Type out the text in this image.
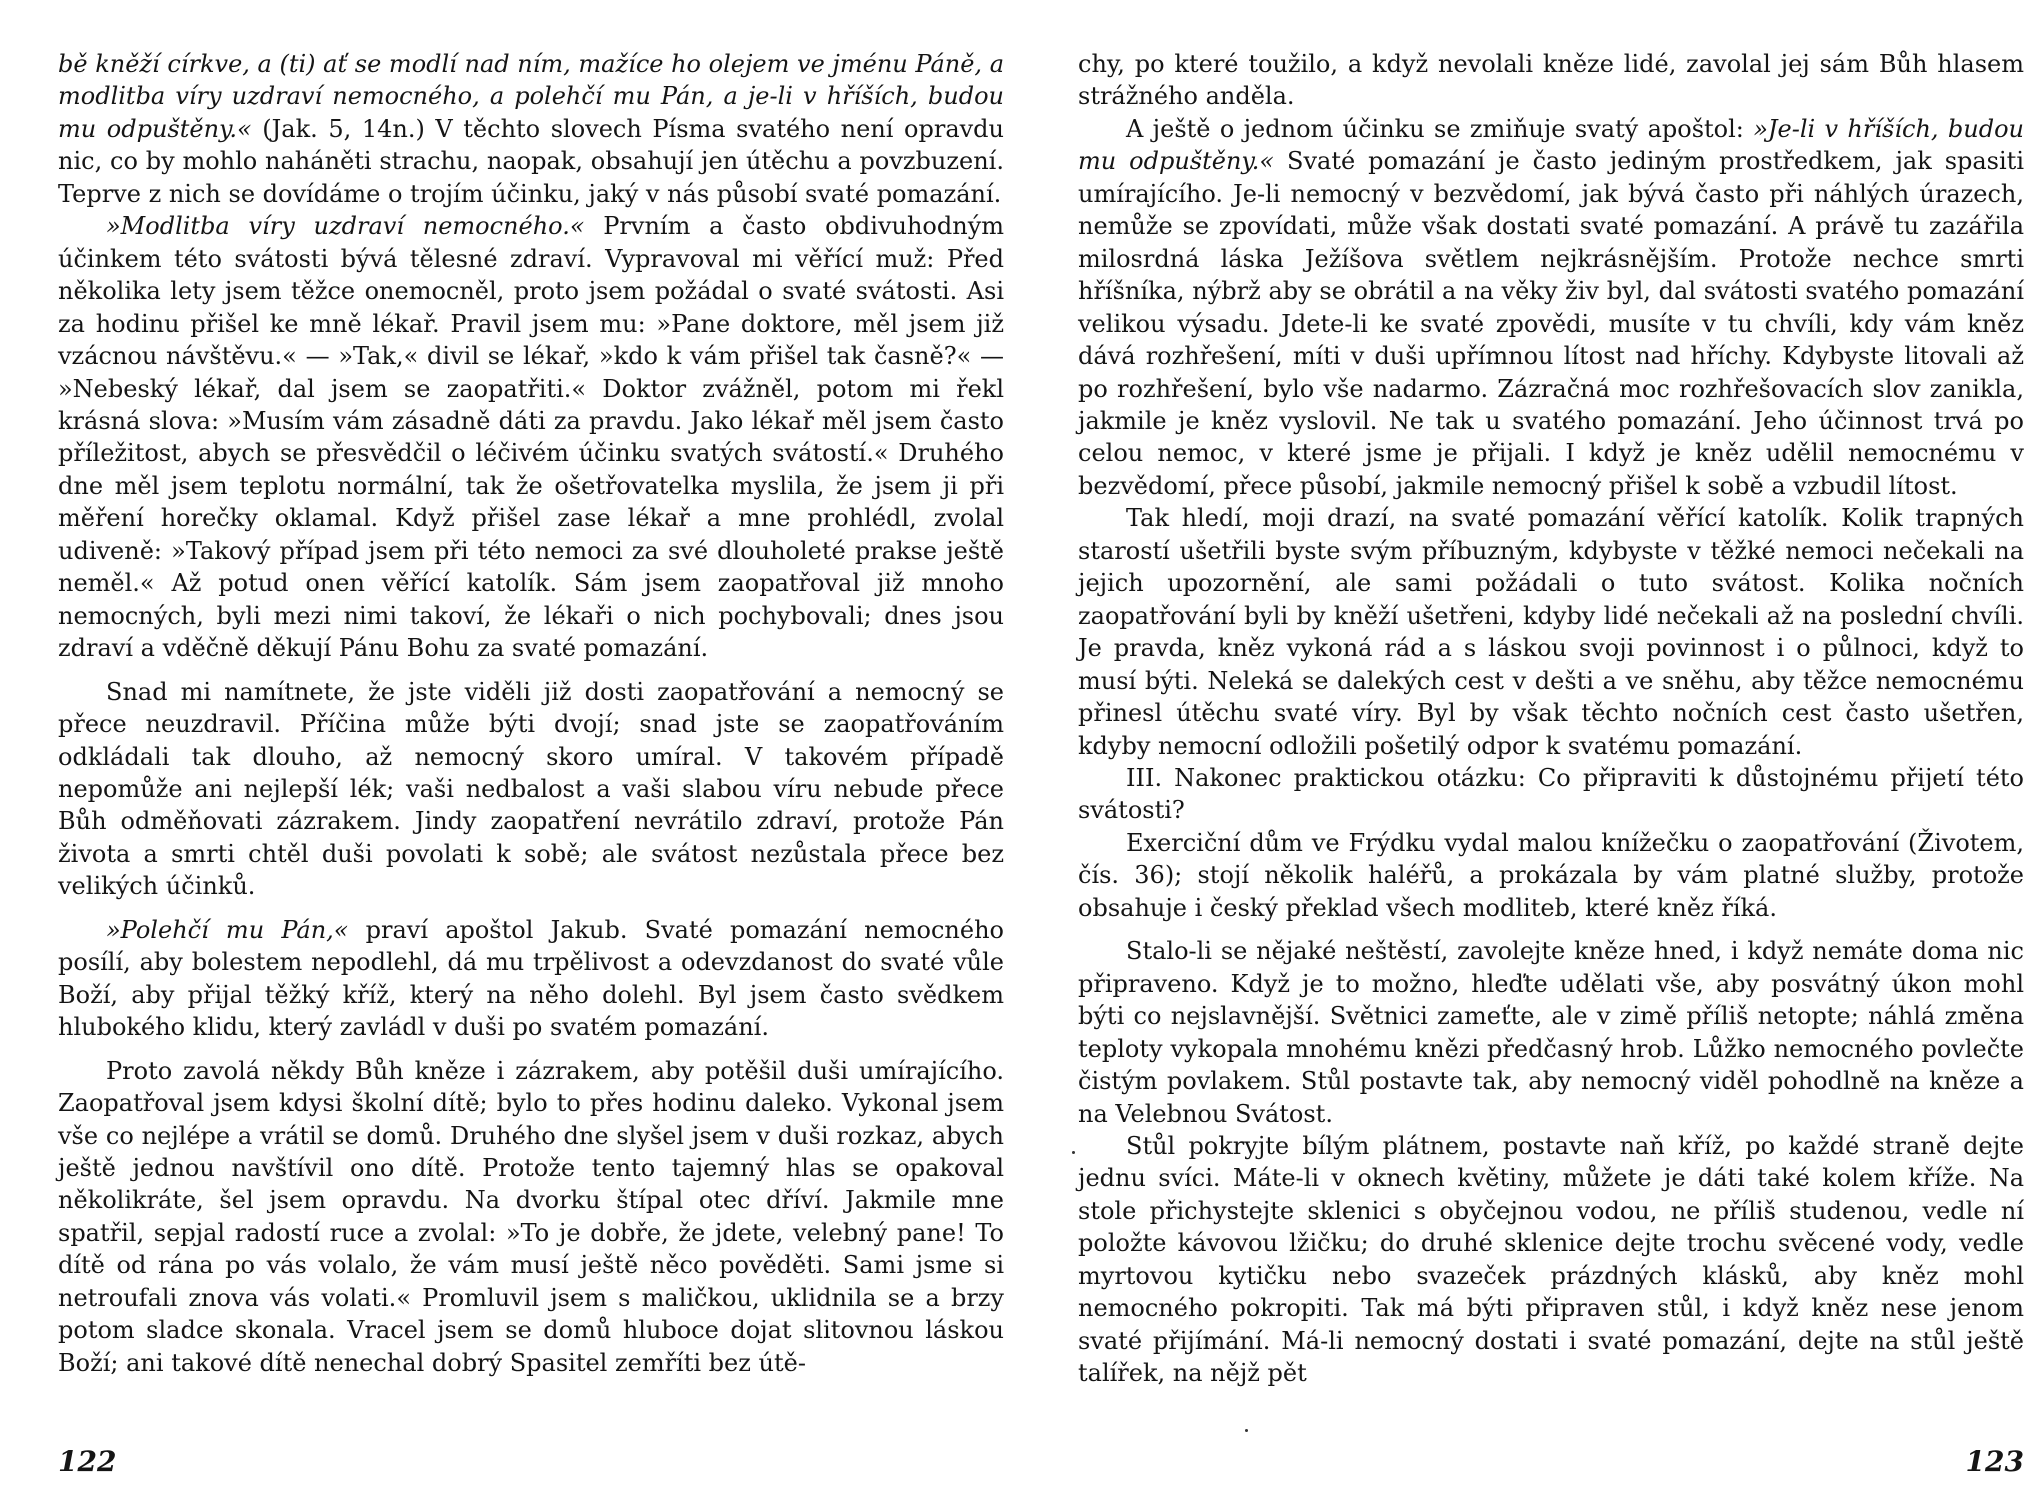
bě kněží církve, a (ti) ať se modlí nad ním, mažíce ho olejem ve jménu Páně, a modlitba víry uzdraví nemocného, a polehčí mu Pán, a je-li v hříších, budou mu odpuštěny.« (Jak. 5, 14n.) V těchto slovech Písma svatého není opravdu nic, co by mohlo naháněti strachu, naopak, obsahují jen útěchu a povzbuzení. Teprve z nich se dovídáme o trojím účinku, jaký v nás působí svaté pomazání.

»Modlitba víry uzdraví nemocného.« Prvním a často obdivuhodným účinkem této svátosti bývá tělesné zdraví. Vypravoval mi věřící muž: Před několika lety jsem těžce onemocněl, proto jsem požádal o svaté svátosti. Asi za hodinu přišel ke mně lékař. Pravil jsem mu: »Pane doktore, měl jsem již vzácnou návštěvu.« — »Tak,« divil se lékař, »kdo k vám přišel tak časně?« — »Nebeský lékař, dal jsem se zaopatřiti.« Doktor zvážněl, potom mi řekl krásná slova: »Musím vám zásadně dáti za pravdu. Jako lékař měl jsem často příležitost, abych se přesvědčil o léčivém účinku svatých svátostí.« Druhého dne měl jsem teplotu normální, tak že ošetřovatelka myslila, že jsem ji při měření horečky oklamal. Když přišel zase lékař a mne prohlédl, zvolal udiveně: »Takový případ jsem při této nemoci za své dlouholeté prakse ještě neměl.« Až potud onen věřící katolík. Sám jsem zaopatřoval již mnoho nemocných, byli mezi nimi takoví, že lékaři o nich pochybovali; dnes jsou zdraví a vděčně děkují Pánu Bohu za svaté pomazání.

Snad mi namítnete, že jste viděli již dosti zaopatřování a nemocný se přece neuzdravil. Příčina může býti dvojí; snad jste se zaopatřováním odkládali tak dlouho, až nemocný skoro umíral. V takovém případě nepomůže ani nejlepší lék; vaši nedbalost a vaši slabou víru nebude přece Bůh odměňovati zázrakem. Jindy zaopatření nevrátilo zdraví, protože Pán života a smrti chtěl duši povolati k sobě; ale svátost nezůstala přece bez velikých účinků.

»Polehčí mu Pán,« praví apoštol Jakub. Svaté pomazání nemocného posílí, aby bolestem nepodlehl, dá mu trpělivost a odevzdanost do svaté vůle Boží, aby přijal těžký kříž, který na něho dolehl. Byl jsem často svědkem hlubokého klidu, který zavládl v duši po svatém pomazání.

Proto zavolá někdy Bůh kněze i zázrakem, aby potěšil duši umírajícího. Zaopatřoval jsem kdysi školní dítě; bylo to přes hodinu daleko. Vykonal jsem vše co nejlépe a vrátil se domů. Druhého dne slyšel jsem v duši rozkaz, abych ještě jednou navštívil ono dítě. Protože tento tajemný hlas se opakoval několikráte, šel jsem opravdu. Na dvorku štípal otec dříví. Jakmile mne spatřil, sepjal radostí ruce a zvolal: »To je dobře, že jdete, velebný pane! To dítě od rána po vás volalo, že vám musí ještě něco pověděti. Sami jsme si netroufali znova vás volati.« Promluvil jsem s maličkou, uklidnila se a brzy potom sladce skonala. Vracel jsem se domů hluboce dojat slitovnou láskou Boží; ani takové dítě nenechal dobrý Spasitel zemříti bez útě-

122

chy, po které toužilo, a když nevolali kněze lidé, zavolal jej sám Bůh hlasem strážného anděla.

A ještě o jednom účinku se zmiňuje svatý apoštol: »Je-li v hříších, budou mu odpuštěny.« Svaté pomazání je často jediným prostředkem, jak spasiti umírajícího. Je-li nemocný v bezvědomí, jak bývá často při náhlých úrazech, nemůže se zpovídati, může však dostati svaté pomazání. A právě tu zazářila milosrdná láska Ježíšova světlem nejkrásnějším. Protože nechce smrti hříšníka, nýbrž aby se obrátil a na věky živ byl, dal svátosti svatého pomazání velikou výsadu. Jdete-li ke svaté zpovědi, musíte v tu chvíli, kdy vám kněz dává rozhřešení, míti v duši upřímnou lítost nad hříchy. Kdybyste litovali až po rozhřešení, bylo vše nadarmo. Zázračná moc rozhřešovacích slov zanikla, jakmile je kněz vyslovil. Ne tak u svatého pomazání. Jeho účinnost trvá po celou nemoc, v které jsme je přijali. I když je kněz udělil nemocnému v bezvědomí, přece působí, jakmile nemocný přišel k sobě a vzbudil lítost.

Tak hledí, moji drazí, na svaté pomazání věřící katolík. Kolik trapných starostí ušetřili byste svým příbuzným, kdybyste v těžké nemoci nečekali na jejich upozornění, ale sami požádali o tuto svátost. Kolika nočních zaopatřování byli by kněží ušetřeni, kdyby lidé nečekali až na poslední chvíli. Je pravda, kněz vykoná rád a s láskou svoji povinnost i o půlnoci, když to musí býti. Neleká se dalekých cest v dešti a ve sněhu, aby těžce nemocnému přinesl útěchu svaté víry. Byl by však těchto nočních cest často ušetřen, kdyby nemocní odložili pošetilý odpor k svatému pomazání.

III. Nakonec praktickou otázku: Co připraviti k důstojnému přijetí této svátosti?

Exerciční dům ve Frýdku vydal malou knížečku o zaopatřování (Životem, čís. 36); stojí několik haléřů, a prokázala by vám platné služby, protože obsahuje i český překlad všech modliteb, které kněz říká.

Stalo-li se nějaké neštěstí, zavolejte kněze hned, i když nemáte doma nic připraveno. Když je to možno, hleďte udělati vše, aby posvátný úkon mohl býti co nejslavnější. Světnici zameťte, ale v zimě příliš netopte; náhlá změna teploty vykopala mnohému knězi předčasný hrob. Lůžko nemocného povlečte čistým povlakem. Stůl postavte tak, aby nemocný viděl pohodlně na kněze a na Velebnou Svátost.

Stůl pokryjte bílým plátnem, postavte naň kříž, po každé straně dejte jednu svíci. Máte-li v oknech květiny, můžete je dáti také kolem kříže. Na stole přichystejte sklenici s obyčejnou vodou, ne příliš studenou, vedle ní položte kávovou lžičku; do druhé sklenice dejte trochu svěcené vody, vedle myrtovou kytičku nebo svazeček prázdných klásků, aby kněz mohl nemocného pokropiti. Tak má býti připraven stůl, i když kněz nese jenom svaté přijímání. Má-li nemocný dostati i svaté pomazání, dejte na stůl ještě talířek, na nějž pět

123
